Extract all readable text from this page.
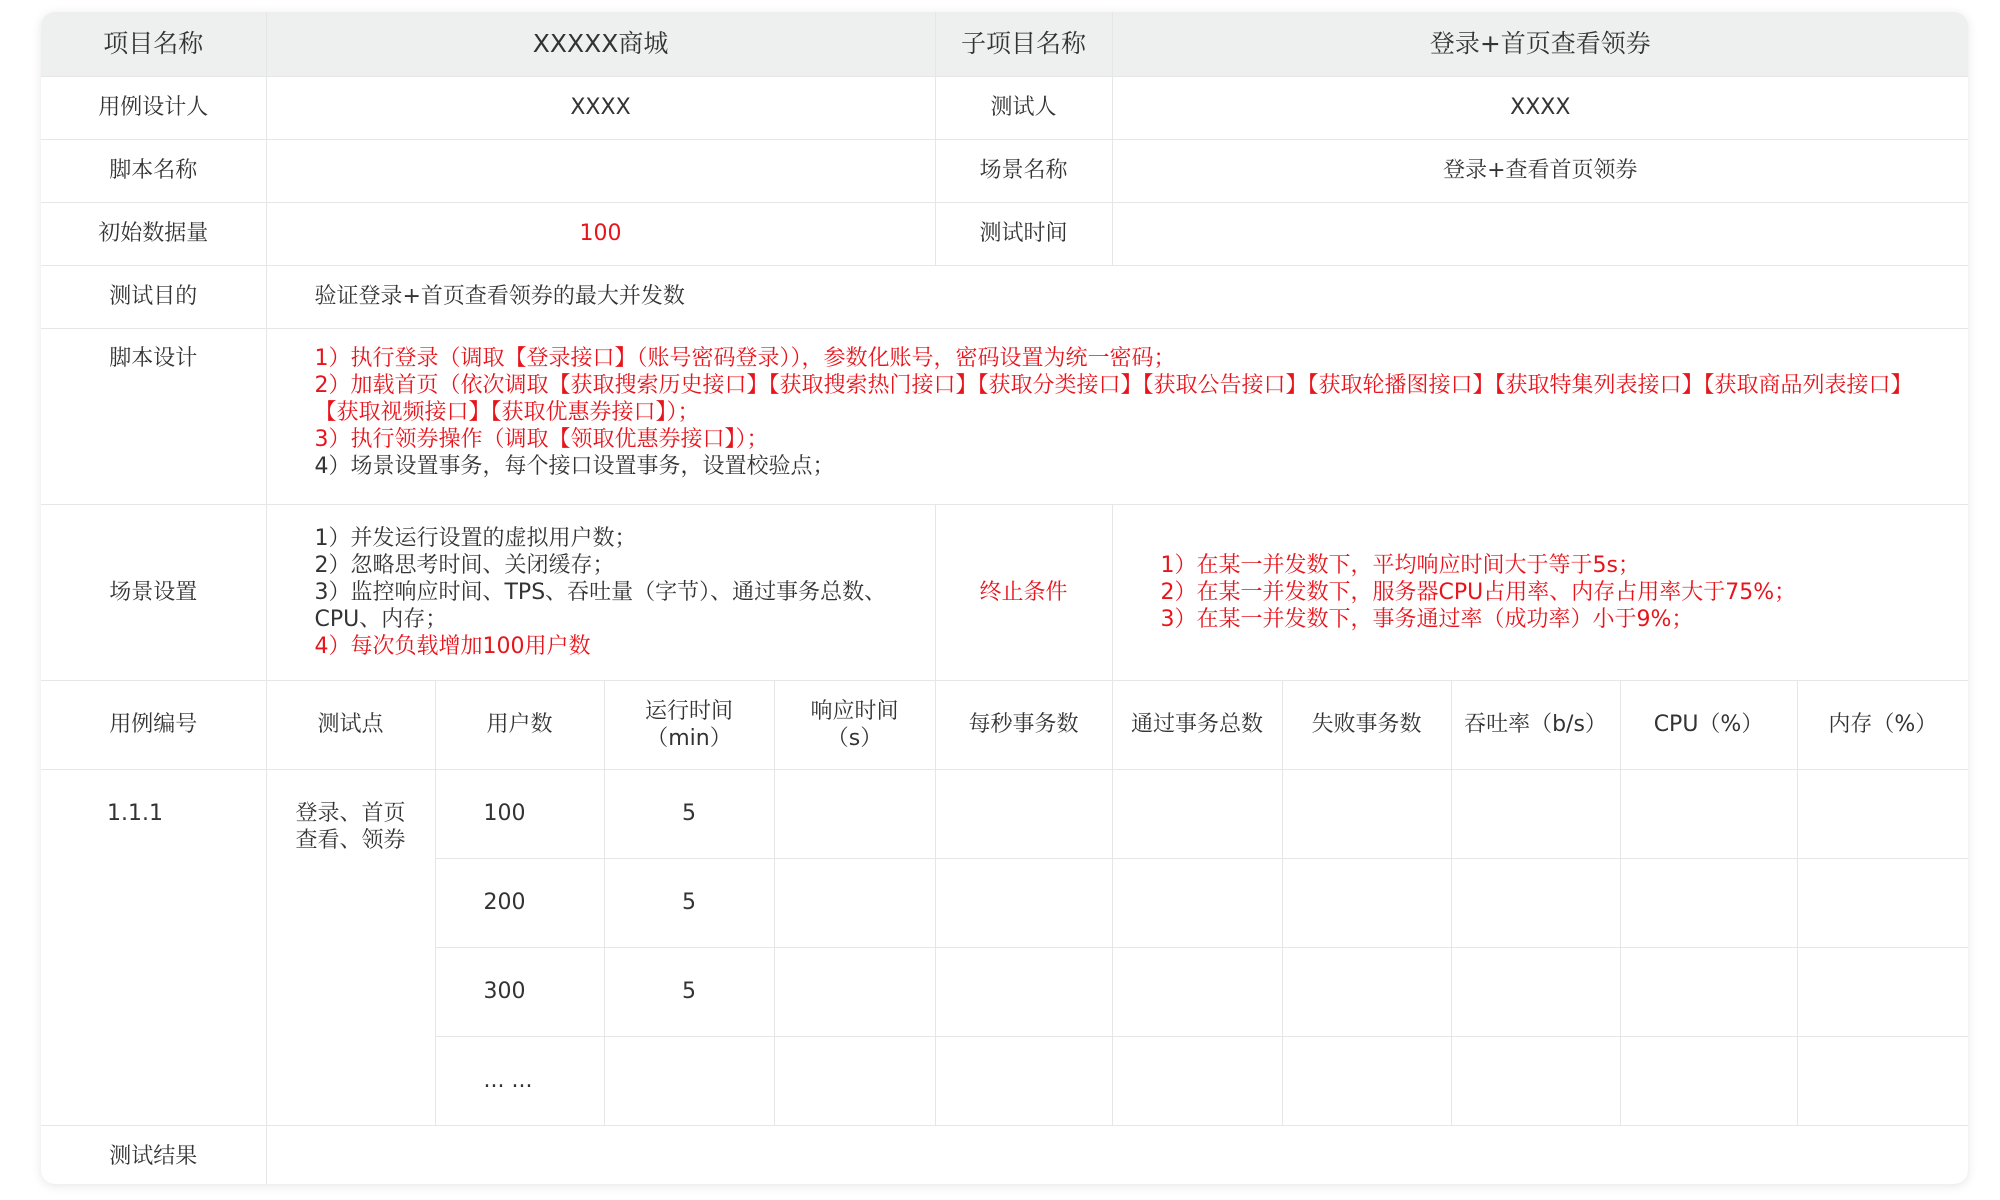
项目名称	XXXXX商城				子项目名称	登录+首页查看领券				
用例设计人	XXXX				测试人	XXXX				
脚本名称					场景名称	登录+查看首页领券				
初始数据量	100				测试时间					
测试目的	验证登录+首页查看领券的最大并发数									
脚本设计	1）执行登录（调取【登录接口】（账号密码登录）），参数化账号，密码设置为统一密码；
2）加载首页（依次调取【获取搜索历史接口】【获取搜索热门接口】【获取分类接口】【获取公告接口】【获取轮播图接口】【获取特集列表接口】【获取商品列表接口】【获取视频接口】【获取优惠券接口】）；
3）执行领券操作（调取【领取优惠券接口】）；
4）场景设置事务，每个接口设置事务，设置校验点；									

场景设置	1）并发运行设置的虚拟用户数；
2）忽略思考时间、关闭缓存；
3）监控响应时间、TPS、吞吐量（字节）、通过事务总数、CPU、内存；
4）每次负载增加100用户数				终止条件	1）在某一并发数下，平均响应时间大于等于5s；
2）在某一并发数下，服务器CPU占用率、内存占用率大于75%；
3）在某一并发数下，事务通过率（成功率）小于9%；				

用例编号	测试点	用户数	运行时间
（min）	响应时间
（s）	每秒事务数	通过事务总数	失败事务数	吞吐率（b/s）	CPU（%）	内存（%）
1.1.1	登录、首页
查看、领券	100	5							
		200	5							
		300	5							
		... ...								
测试结果										
